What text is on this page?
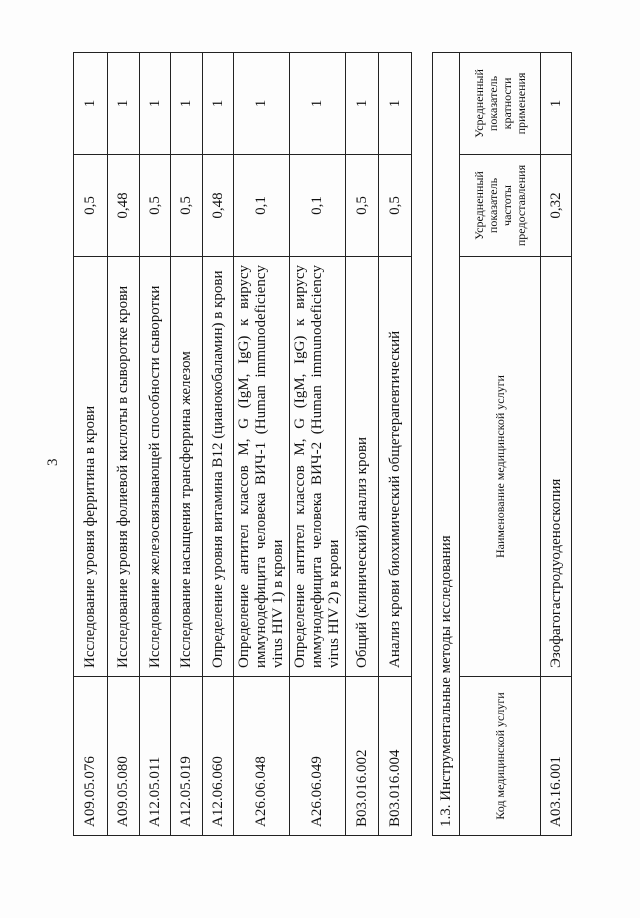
3
A09.05.076	Исследование уровня ферритина в крови	0,5	1
A09.05.080	Исследование уровня фолиевой кислоты в сыворотке крови	0,48	1
A12.05.011	Исследование железосвязывающей способности сыворотки	0,5	1
A12.05.019	Исследование насыщения трансферрина железом	0,5	1
A12.06.060	Определение уровня витамина B12 (цианокобаламин) в крови	0,48	1
A26.06.048	Определение антител классов M, G (IgM, IgG) к вирусу иммунодефицита человека ВИЧ-1 (Human immunodeficiency virus HIV 1) в крови	0,1	1
A26.06.049	Определение антител классов M, G (IgM, IgG) к вирусу иммунодефицита человека ВИЧ-2 (Human immunodeficiency virus HIV 2) в крови	0,1	1
B03.016.002	Общий (клинический) анализ крови	0,5	1
B03.016.004	Анализ крови биохимический общетерапевтический	0,5	1
1.3. Инструментальные методы исследования			
Код медицинской услуги	Наименование медицинской услуги	Усредненный показатель частоты предоставления	Усредненный показатель кратности применения
A03.16.001	Эзофагогастродуоденоскопия	0,32	1
